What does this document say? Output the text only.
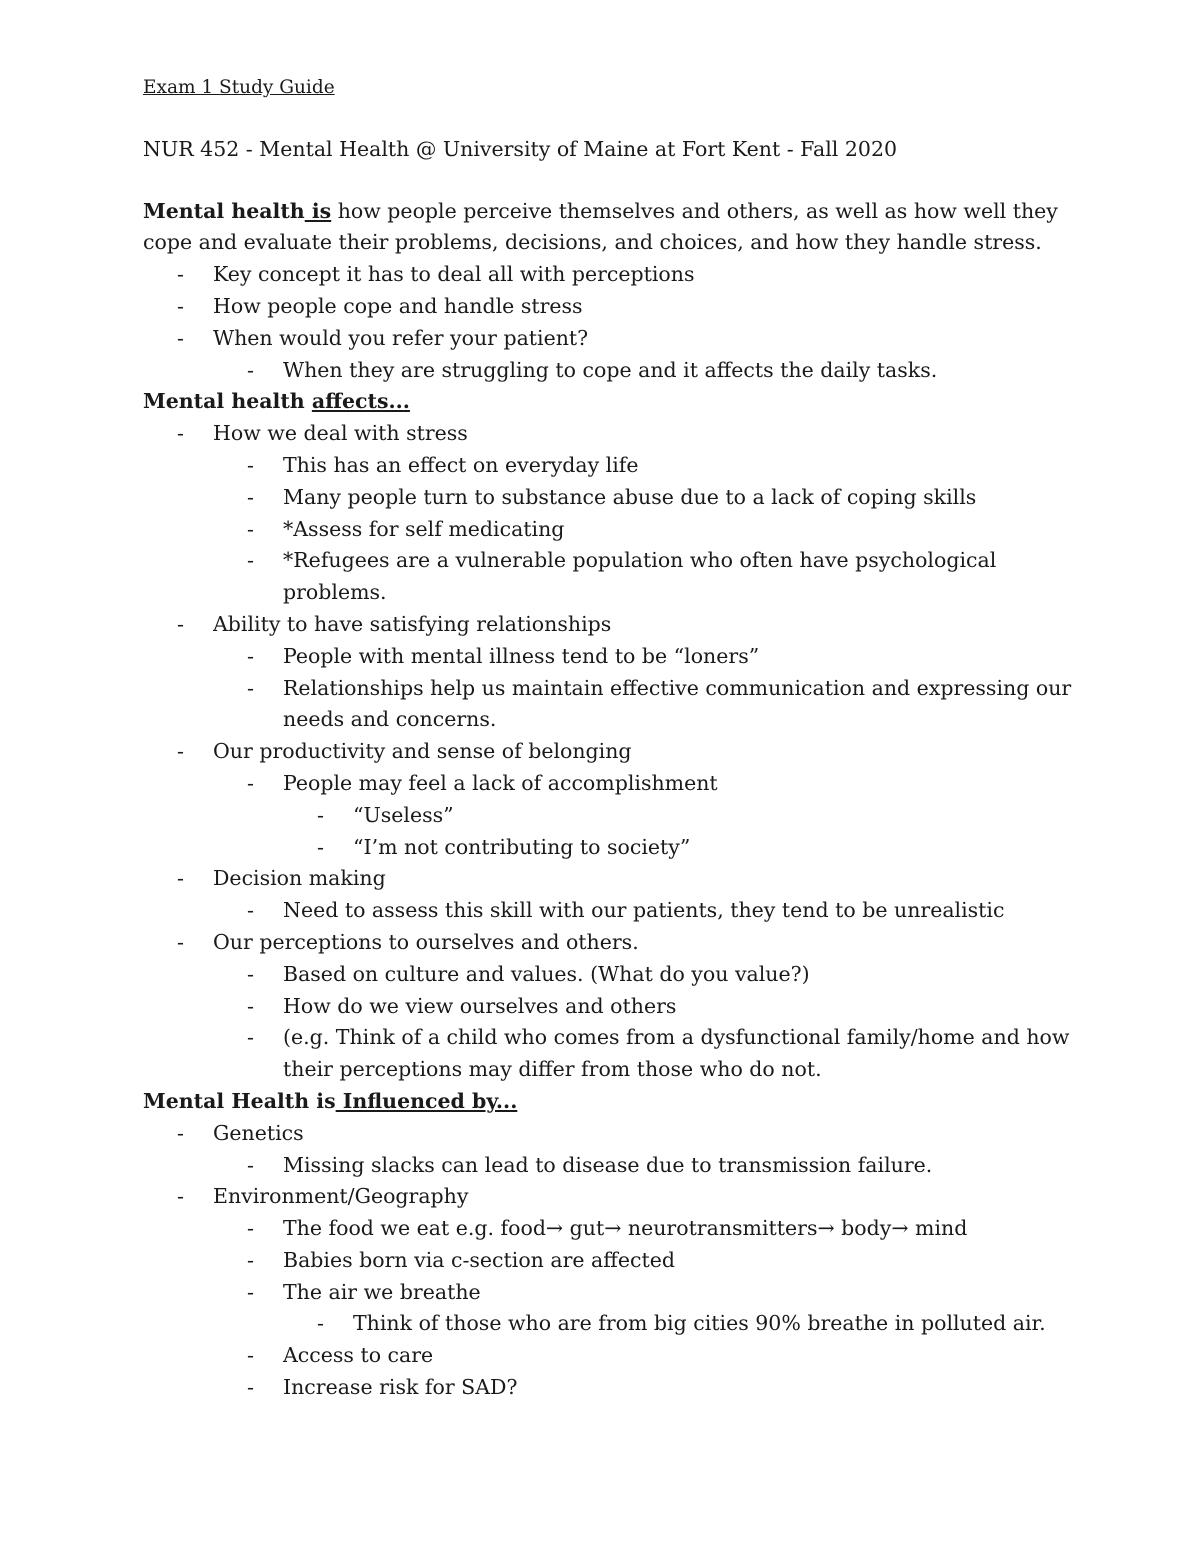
Exam 1 Study Guide
NUR 452 - Mental Health @ University of Maine at Fort Kent - Fall 2020
Mental health is how people perceive themselves and others, as well as how well they
cope and evaluate their problems, decisions, and choices, and how they handle stress.
- Key concept it has to deal all with perceptions
- How people cope and handle stress
- When would you refer your patient?
- When they are struggling to cope and it affects the daily tasks.
Mental health affects...
- How we deal with stress
- This has an effect on everyday life
- Many people turn to substance abuse due to a lack of coping skills
- *Assess for self medicating
- *Refugees are a vulnerable population who often have psychological
problems.
- Ability to have satisfying relationships
- People with mental illness tend to be “loners”
- Relationships help us maintain effective communication and expressing our
needs and concerns.
- Our productivity and sense of belonging
- People may feel a lack of accomplishment
- “Useless”
- “I’m not contributing to society”
- Decision making
- Need to assess this skill with our patients, they tend to be unrealistic
- Our perceptions to ourselves and others.
- Based on culture and values. (What do you value?)
- How do we view ourselves and others
- (e.g. Think of a child who comes from a dysfunctional family/home and how
their perceptions may differ from those who do not.
Mental Health is Influenced by...
- Genetics
- Missing slacks can lead to disease due to transmission failure.
- Environment/Geography
- The food we eat e.g. food→ gut→ neurotransmitters→ body→ mind
- Babies born via c-section are affected
- The air we breathe
- Think of those who are from big cities 90% breathe in polluted air.
- Access to care
- Increase risk for SAD?
